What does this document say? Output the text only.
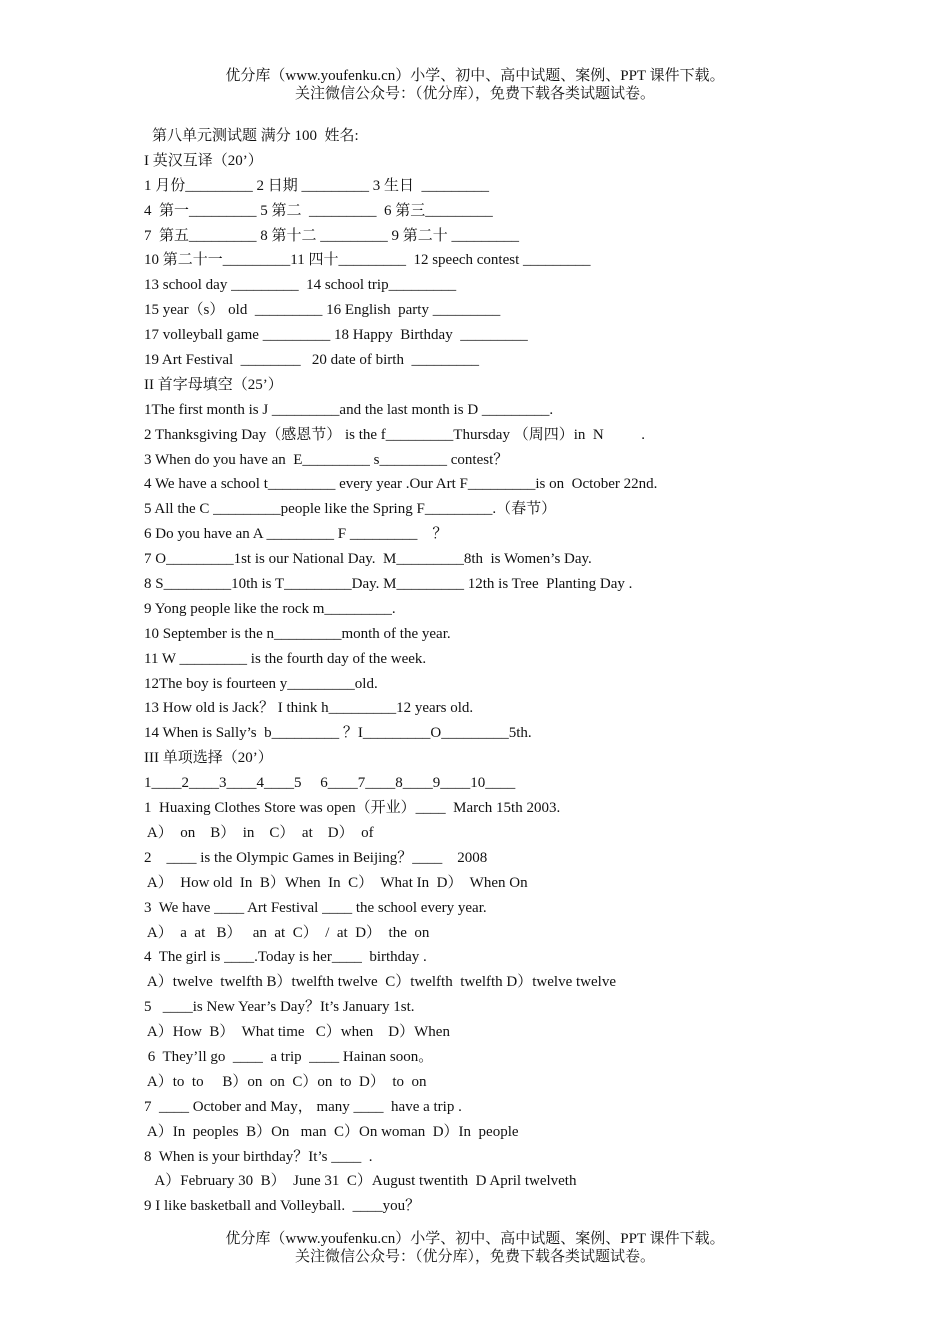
优分库（www.youfenku.cn）小学、初中、高中试题、案例、PPT 课件下载。
关注微信公众号：（优分库），免费下载各类试题试卷。
第八单元测试题 满分 100  姓名:
I 英汉互译（20’）
1 月份_________ 2 日期 _________ 3 生日  _________
4  第一_________ 5 第二  _________  6 第三_________
7  第五_________ 8 第十二 _________ 9 第二十 _________
10 第二十一_________11 四十_________  12 speech contest _________
13 school day _________  14 school trip_________
15 year（s） old  _________ 16 English  party _________
17 volleyball game _________ 18 Happy  Birthday  _________
19 Art Festival  ________   20 date of birth  _________
II 首字母填空（25’）
1The first month is J _________and the last month is D _________.
2 Thanksgiving Day（感恩节） is the f_________Thursday （周四）in  N          .
3 When do you have an  E_________ s_________ contest？
4 We have a school t_________ every year .Our Art F_________is on  October 22nd.
5 All the C _________people like the Spring F_________.（春节）
6 Do you have an A _________ F _________    ？
7 O_________1st is our National Day.  M_________8th  is Women’s Day.
8 S_________10th is T_________Day. M_________ 12th is Tree  Planting Day .
9 Yong people like the rock m_________.
10 September is the n_________month of the year.
11 W _________ is the fourth day of the week.
12The boy is fourteen y_________old.
13 How old is Jack？ I think h_________12 years old.
14 When is Sally’s  b_________ ？I_________O_________5th.
III 单项选择（20’）
1____2____3____4____5     6____7____8____9____10____
1  Huaxing Clothes Store was open（开业）____  March 15th 2003.
A）  on    B）  in    C）  at    D）  of
2    ____ is the Olympic Games in Beijing？____    2008
A）  How old  In  B）When  In  C）  What In  D）  When On
3  We have ____ Art Festival ____ the school every year.
A）  a  at   B）   an  at  C）  /  at  D）  the  on
4  The girl is ____.Today is her____  birthday .
A）twelve  twelfth B）twelfth twelve  C）twelfth  twelfth D）twelve twelve
5   ____is New Year’s Day？It’s January 1st.
A）How  B）  What time   C）when    D）When
6  They’ll go  ____  a trip  ____ Hainan soon。
A）to  to     B）on  on  C）on  to  D）  to  on
7  ____ October and May， many ____  have a trip .
A）In  peoples  B）On   man  C）On woman  D）In  people
8  When is your birthday？It’s ____  .
A）February 30  B）  June 31  C）August twentith  D April twelveth
9 I like basketball and Volleyball.  ____you？
优分库（www.youfenku.cn）小学、初中、高中试题、案例、PPT 课件下载。
关注微信公众号：（优分库），免费下载各类试题试卷。
